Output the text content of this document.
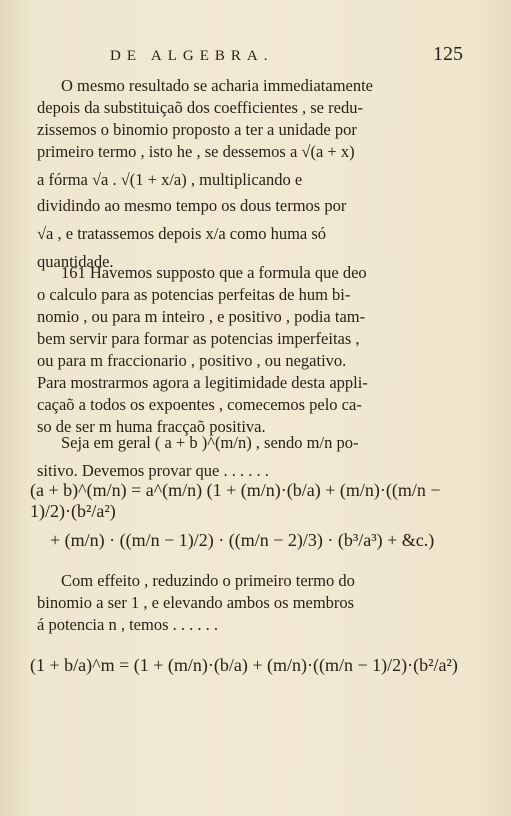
DE ALGEBRA.	125
O mesmo resultado se acharia immediatamente
depois da substituiçaõ dos coefficientes , se redu-
zissemos o binomio proposto a ter a unidade por
primeiro termo , isto he , se dessemos a √(a + x)
a fórma √a . √(1 + x/a) , multiplicando e
dividindo ao mesmo tempo os dous termos por
√a , e tratassemos depois x/a como huma só
quantidade.
161 Havemos supposto que a formula que deo
o calculo para as potencias perfeitas de hum bi-
nomio , ou para m inteiro , e positivo , podia tam-
bem servir para formar as potencias imperfeitas ,
ou para m fraccionario , positivo , ou negativo.
Para mostrarmos agora a legitimidade desta appli-
caçaõ a todos os expoentes , comecemos pelo ca-
so de ser m huma fracçaõ positiva.
Seja em geral ( a + b )^(m/n) , sendo m/n po-
sitivo. Devemos provar que . . . . . .
(a + b)^(m/n) = a^(m/n) (1 + (m/n)·(b/a) + (m/n)·((m/n − 1)/2)·(b²/a²)
+ (m/n) · ((m/n − 1)/2) · ((m/n − 2)/3) · (b³/a³) + &c.)
Com effeito , reduzindo o primeiro termo do
binomio a ser 1 , e elevando ambos os membros
á potencia n , temos . . . . . .
(1 + b/a)^m = (1 + (m/n)·(b/a) + (m/n)·((m/n − 1)/2)·(b²/a²)
